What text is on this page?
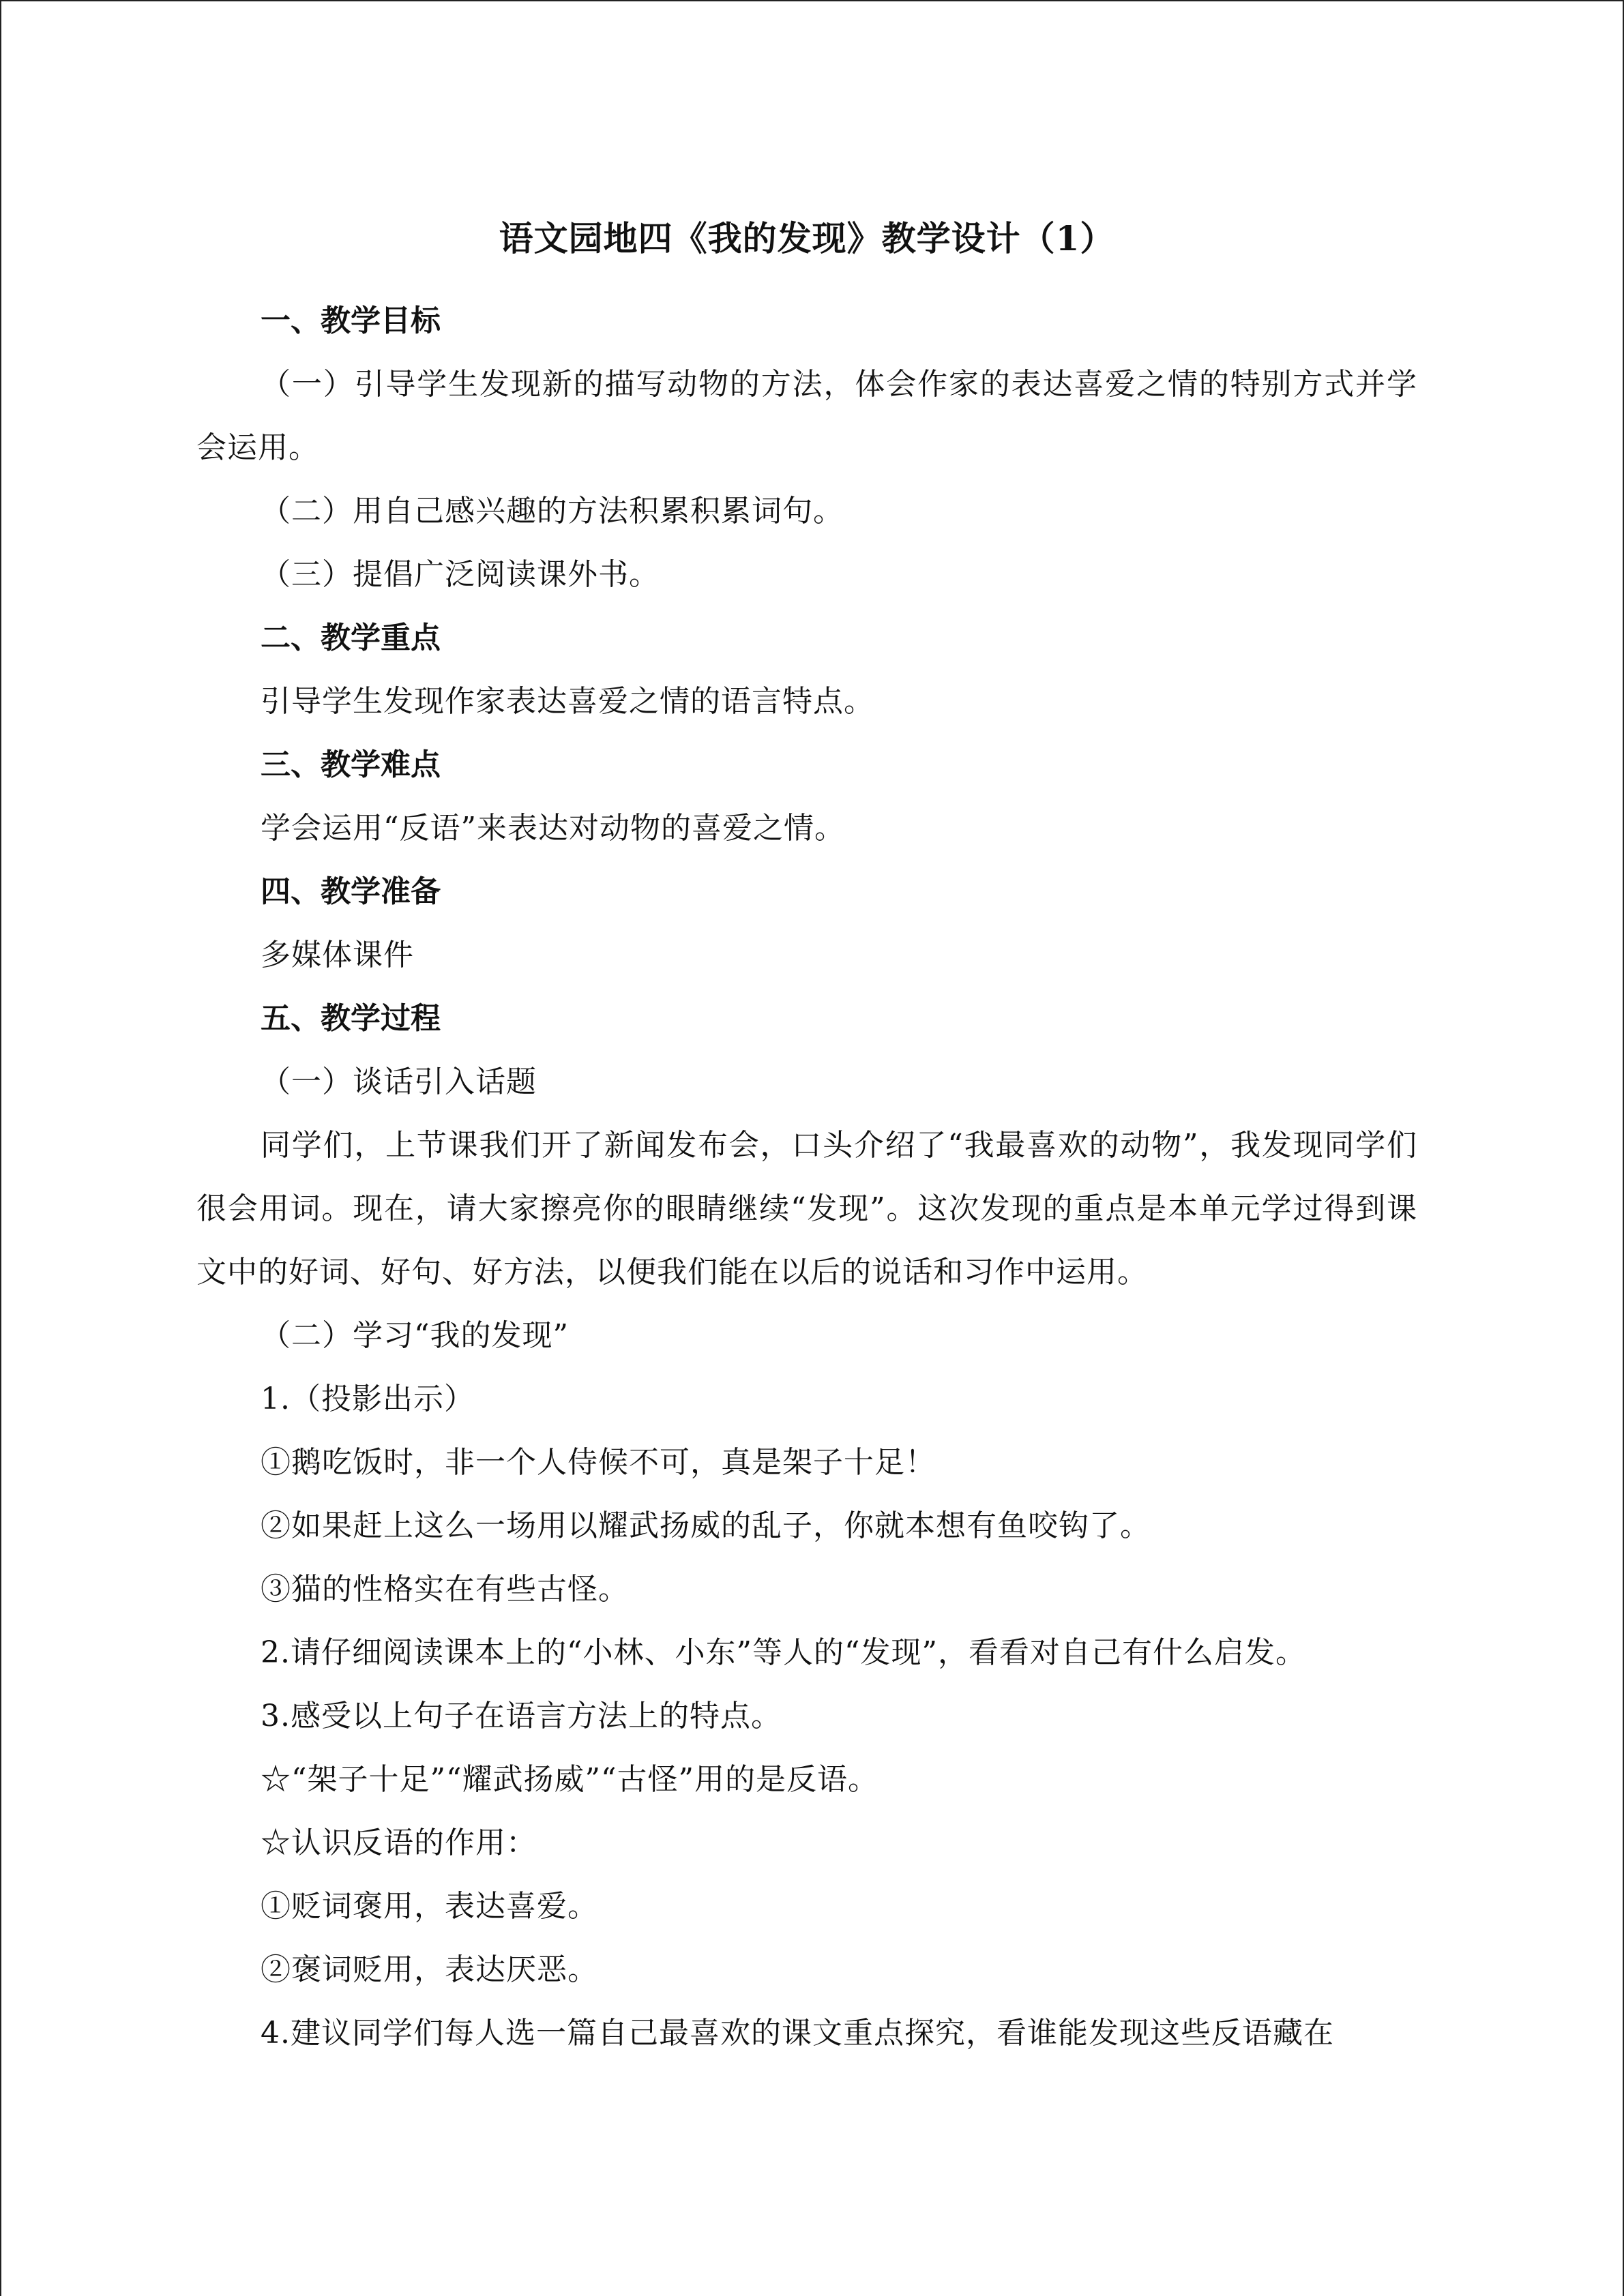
语文园地四《我的发现》教学设计（1）

一、教学目标

（一）引导学生发现新的描写动物的方法，体会作家的表达喜爱之情的特别方式并学会运用。

（二）用自己感兴趣的方法积累积累词句。

（三）提倡广泛阅读课外书。

二、教学重点

引导学生发现作家表达喜爱之情的语言特点。

三、教学难点

学会运用“反语”来表达对动物的喜爱之情。

四、教学准备

多媒体课件

五、教学过程

（一）谈话引入话题

同学们，上节课我们开了新闻发布会，口头介绍了“我最喜欢的动物”，我发现同学们很会用词。现在，请大家擦亮你的眼睛继续“发现”。这次发现的重点是本单元学过得到课文中的好词、好句、好方法，以便我们能在以后的说话和习作中运用。

（二）学习“我的发现”

1.（投影出示）

①鹅吃饭时，非一个人侍候不可，真是架子十足！

②如果赶上这么一场用以耀武扬威的乱子，你就本想有鱼咬钩了。

③猫的性格实在有些古怪。

2.请仔细阅读课本上的“小林、小东”等人的“发现”，看看对自己有什么启发。

3.感受以上句子在语言方法上的特点。

☆“架子十足”“耀武扬威”“古怪”用的是反语。

☆认识反语的作用：

①贬词褒用，表达喜爱。

②褒词贬用，表达厌恶。

4.建议同学们每人选一篇自己最喜欢的课文重点探究，看谁能发现这些反语藏在
